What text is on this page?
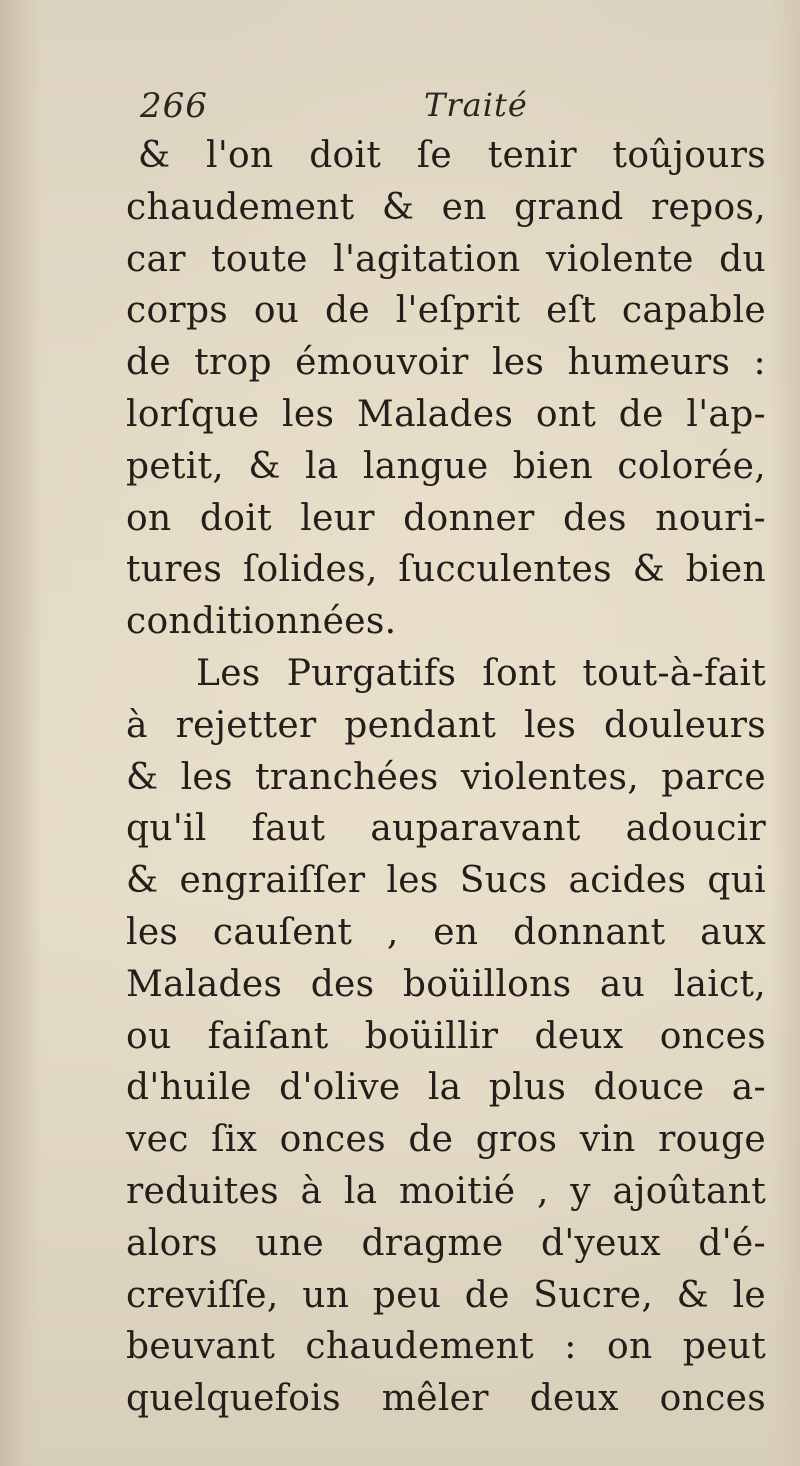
266	Traité
& l'on doit ſe tenir toûjours
chaudement & en grand repos,
car toute l'agitation violente du
corps ou de l'eſprit eſt capable
de trop émouvoir les humeurs :
lorſque les Malades ont de l'ap-
petit, & la langue bien colorée,
on doit leur donner des nouri-
tures ſolides, ſucculentes & bien
conditionnées.
Les Purgatifs ſont tout-à-fait
à rejetter pendant les douleurs
& les tranchées violentes, parce
qu'il faut auparavant adoucir
& engraiſſer les Sucs acides qui
les cauſent , en donnant aux
Malades des boüillons au laict,
ou faiſant boüillir deux onces
d'huile d'olive la plus douce a-
vec ſix onces de gros vin rouge
reduites à la moitié , y ajoûtant
alors une dragme d'yeux d'é-
creviſſe, un peu de Sucre, & le
beuvant chaudement : on peut
quelquefois mêler deux onces
